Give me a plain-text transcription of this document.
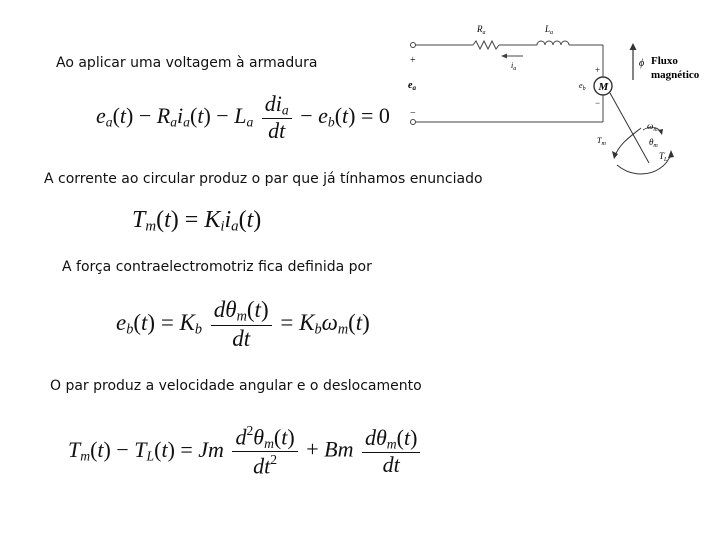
+
−
$e_a$
$R_a$	$L_a$
$i_a$
M
+
−
$e_b$
$\omega_m$
$\theta_m$
$T_m$
$T_L$
ϕ Fluxo
magnético
Ao aplicar uma voltagem à armadura
$e_a(t) - R_ai_a(t) - L_a \frac{di_a}{dt} - e_b(t) = 0$
A corrente ao circular produz o par que já tínhamos enunciado
$T_m(t) = K_ii_a(t)$
A força contraelectromotriz fica definida por
$e_b(t) = K_b \frac{d\theta_m(t)}{dt} = K_b\omega_m(t)$
O par produz a velocidade angular e o deslocamento
$T_m(t) - T_L(t) = Jm \frac{d^2\theta_m(t)}{dt^2} + Bm \frac{d\theta_m(t)}{dt}$
